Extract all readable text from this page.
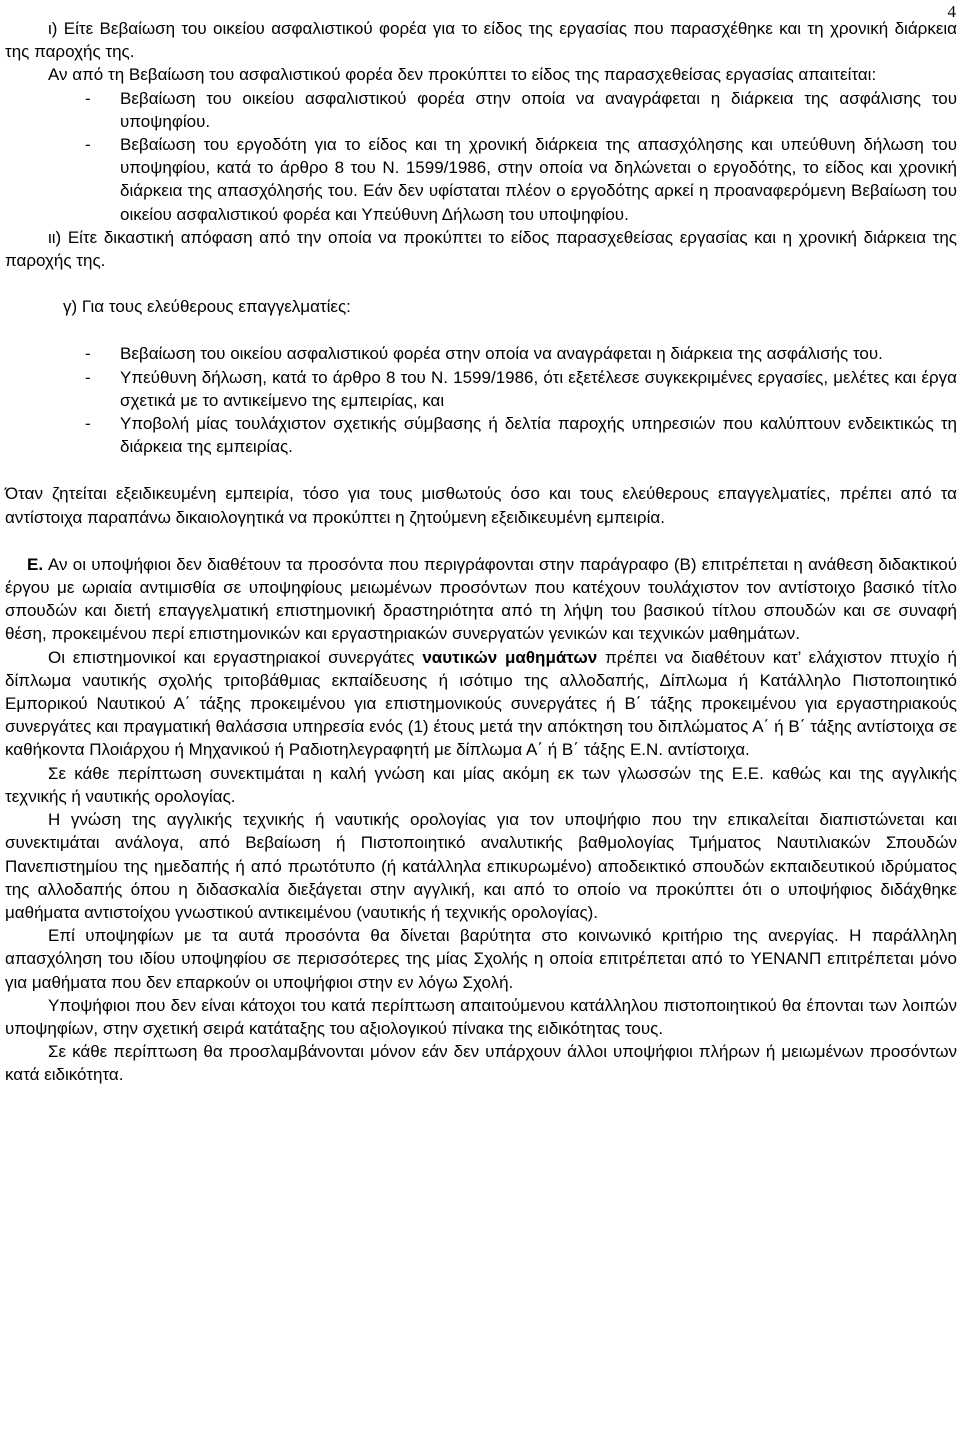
4

ι) Είτε Βεβαίωση του οικείου ασφαλιστικού φορέα για το είδος της εργασίας που παρασχέθηκε και τη χρονική διάρκεια της παροχής της.

Αν από τη Βεβαίωση του ασφαλιστικού φορέα δεν προκύπτει το είδος της παρασχεθείσας εργασίας απαιτείται:

-	Βεβαίωση του οικείου ασφαλιστικού φορέα στην οποία να αναγράφεται η διάρκεια της ασφάλισης του υποψηφίου.
-	Βεβαίωση του εργοδότη για το είδος και τη χρονική διάρκεια της απασχόλησης και υπεύθυνη δήλωση του υποψηφίου, κατά το άρθρο 8 του Ν. 1599/1986, στην οποία να δηλώνεται ο εργοδότης, το είδος και χρονική διάρκεια της απασχόλησής του. Εάν δεν υφίσταται πλέον ο εργοδότης αρκεί η προαναφερόμενη Βεβαίωση του οικείου ασφαλιστικού φορέα και Υπεύθυνη Δήλωση του υποψηφίου.

ιι) Είτε δικαστική απόφαση από την οποία να προκύπτει το είδος παρασχεθείσας εργασίας και η χρονική διάρκεια της παροχής της.

γ) Για τους ελεύθερους επαγγελματίες:

-	Βεβαίωση του οικείου ασφαλιστικού φορέα στην οποία να αναγράφεται η διάρκεια της ασφάλισής του.
-	Υπεύθυνη δήλωση, κατά το άρθρο 8 του Ν. 1599/1986, ότι εξετέλεσε συγκεκριμένες εργασίες, μελέτες και έργα σχετικά με το αντικείμενο της εμπειρίας, και
-	Υποβολή μίας τουλάχιστον σχετικής σύμβασης ή δελτία παροχής υπηρεσιών που καλύπτουν ενδεικτικώς τη διάρκεια της εμπειρίας.

Όταν ζητείται εξειδικευμένη εμπειρία, τόσο για τους μισθωτούς όσο και τους ελεύθερους επαγγελματίες, πρέπει από τα αντίστοιχα παραπάνω δικαιολογητικά να προκύπτει η ζητούμενη εξειδικευμένη εμπειρία.

Ε. Αν οι υποψήφιοι δεν διαθέτουν τα προσόντα που περιγράφονται στην παράγραφο (Β) επιτρέπεται η ανάθεση διδακτικού έργου με ωριαία αντιμισθία σε υποψηφίους μειωμένων προσόντων που κατέχουν τουλάχιστον τον αντίστοιχο βασικό τίτλο σπουδών και διετή επαγγελματική επιστημονική δραστηριότητα από τη λήψη του βασικού τίτλου σπουδών και σε συναφή θέση, προκειμένου περί επιστημονικών και εργαστηριακών συνεργατών γενικών και τεχνικών μαθημάτων.

Οι επιστημονικοί και εργαστηριακοί συνεργάτες ναυτικών μαθημάτων πρέπει να διαθέτουν κατ’ ελάχιστον πτυχίο ή δίπλωμα ναυτικής σχολής τριτοβάθμιας εκπαίδευσης ή ισότιμο της αλλοδαπής, Δίπλωμα ή Κατάλληλο Πιστοποιητικό Εμπορικού Ναυτικού Α΄ τάξης προκειμένου για επιστημονικούς συνεργάτες ή Β΄ τάξης προκειμένου για εργαστηριακούς συνεργάτες και πραγματική θαλάσσια υπηρεσία ενός (1) έτους μετά την απόκτηση του διπλώματος Α΄ ή Β΄ τάξης αντίστοιχα σε καθήκοντα Πλοιάρχου ή Μηχανικού ή Ραδιοτηλεγραφητή με δίπλωμα Α΄ ή Β΄ τάξης Ε.Ν. αντίστοιχα.

Σε κάθε περίπτωση συνεκτιμάται η καλή γνώση και μίας ακόμη εκ των γλωσσών της Ε.Ε. καθώς και της αγγλικής τεχνικής ή ναυτικής ορολογίας.

Η γνώση της αγγλικής τεχνικής ή ναυτικής ορολογίας για τον υποψήφιο που την επικαλείται διαπιστώνεται και συνεκτιμάται ανάλογα, από Βεβαίωση ή Πιστοποιητικό αναλυτικής βαθμολογίας Τμήματος Ναυτιλιακών Σπουδών Πανεπιστημίου της ημεδαπής ή από πρωτότυπο (ή κατάλληλα επικυρωμένο) αποδεικτικό σπουδών εκπαιδευτικού ιδρύματος της αλλοδαπής όπου η διδασκαλία διεξάγεται στην αγγλική, και από το οποίο να προκύπτει ότι ο υποψήφιος διδάχθηκε μαθήματα αντιστοίχου γνωστικού αντικειμένου (ναυτικής ή τεχνικής ορολογίας).

Επί υποψηφίων με τα αυτά προσόντα θα δίνεται βαρύτητα στο κοινωνικό κριτήριο της ανεργίας. Η παράλληλη απασχόληση του ιδίου υποψηφίου σε περισσότερες της μίας Σχολής η οποία επιτρέπεται από το ΥΕΝΑΝΠ επιτρέπεται μόνο για μαθήματα που δεν επαρκούν οι υποψήφιοι στην εν λόγω Σχολή.

Υποψήφιοι που δεν είναι κάτοχοι του κατά περίπτωση απαιτούμενου κατάλληλου πιστοποιητικού θα έπονται των λοιπών υποψηφίων, στην σχετική σειρά κατάταξης του αξιολογικού πίνακα της ειδικότητας τους.

Σε κάθε περίπτωση θα προσλαμβάνονται μόνον εάν δεν υπάρχουν άλλοι υποψήφιοι πλήρων ή μειωμένων προσόντων κατά ειδικότητα.
